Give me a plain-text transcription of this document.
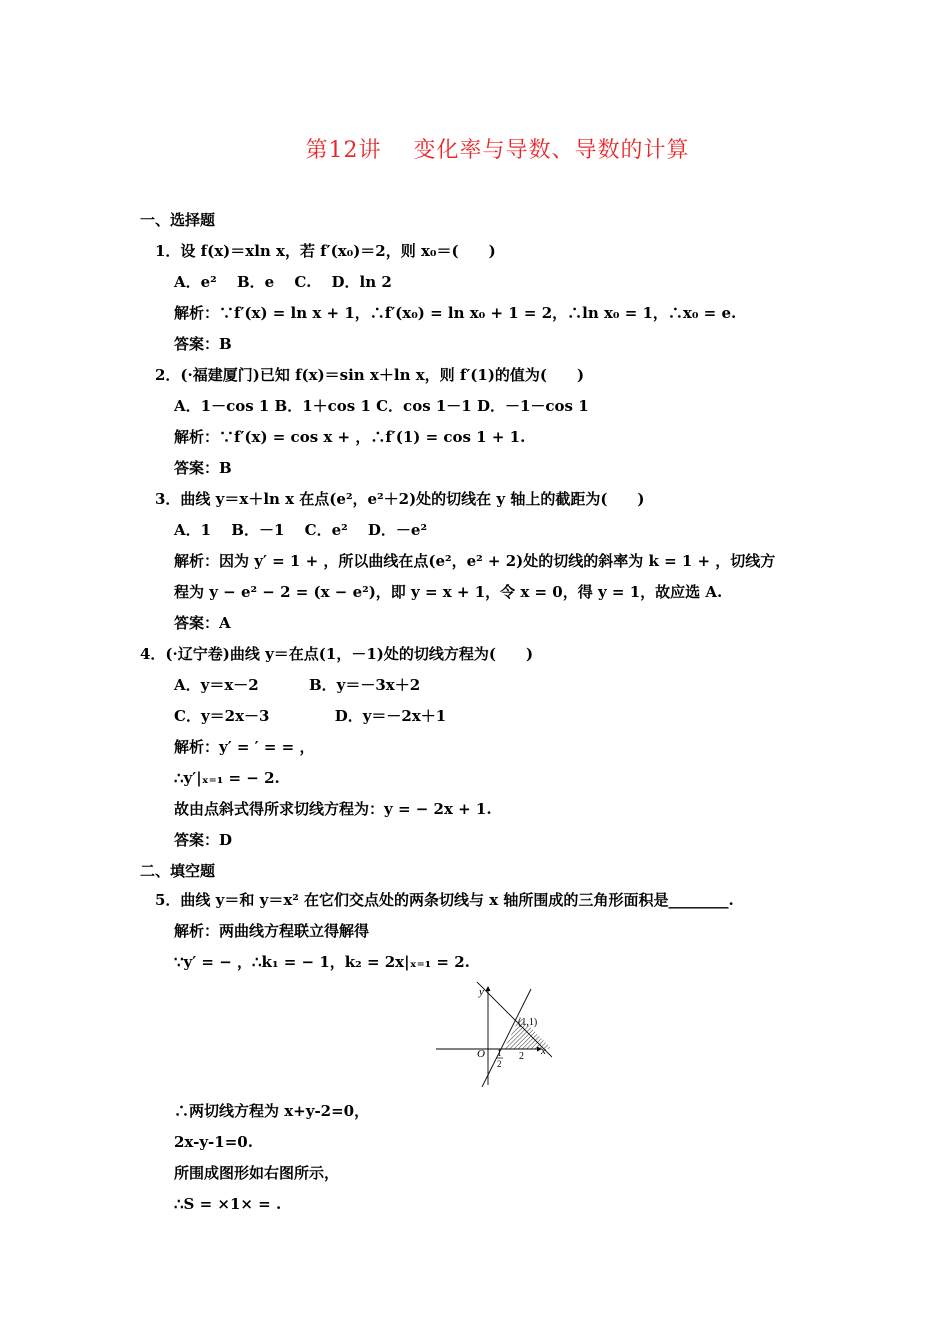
第12讲 变化率与导数、导数的计算
一、选择题
1．设 f(x)＝xln x，若 f′(x₀)＝2，则 x₀＝(　　)
A．e²　 B．e　 C.　 D．ln 2
解析：∵f′(x) = ln x + 1，∴f′(x₀) = ln x₀ + 1 = 2，∴ln x₀ = 1，∴x₀ = e.
答案：B
2．(·福建厦门)已知 f(x)＝sin x＋ln x，则 f′(1)的值为(　　)
A．1－cos 1 B．1＋cos 1 C．cos 1－1 D．－1－cos 1
解析：∵f′(x) = cos x + ，∴f′(1) = cos 1 + 1.
答案：B
3．曲线 y＝x＋ln x 在点(e²，e²＋2)处的切线在 y 轴上的截距为(　　)
A．1　 B．－1　 C．e²　 D．－e²
解析：因为 y′ = 1 + ，所以曲线在点(e²，e² + 2)处的切线的斜率为 k = 1 + ，切线方
程为 y − e² − 2 = (x − e²)，即 y = x + 1，令 x = 0，得 y = 1，故应选 A.
答案：A
4．(·辽宁卷)曲线 y＝在点(1，－1)处的切线方程为(　　)
A．y＝x－2　　　 B．y＝－3x＋2
C．y＝2x－3　　　　 D．y＝－2x＋1
解析：y′ = ′ = = ，
∴y′|ₓ₌₁ = − 2.
故由点斜式得所求切线方程为：y = − 2x + 1.
答案：D
二、填空题
5．曲线 y＝和 y＝x² 在它们交点处的两条切线与 x 轴所围成的三角形面积是________.
解析：两曲线方程联立得解得
∵y′ = − ，∴k₁ = − 1，k₂ = 2x|ₓ₌₁ = 2.
∴两切线方程为 x+y-2=0，
2x-y-1=0.
所围成图形如右图所示，
∴S = ×1× = .
y
x
O
(1,1)
1
2
2
